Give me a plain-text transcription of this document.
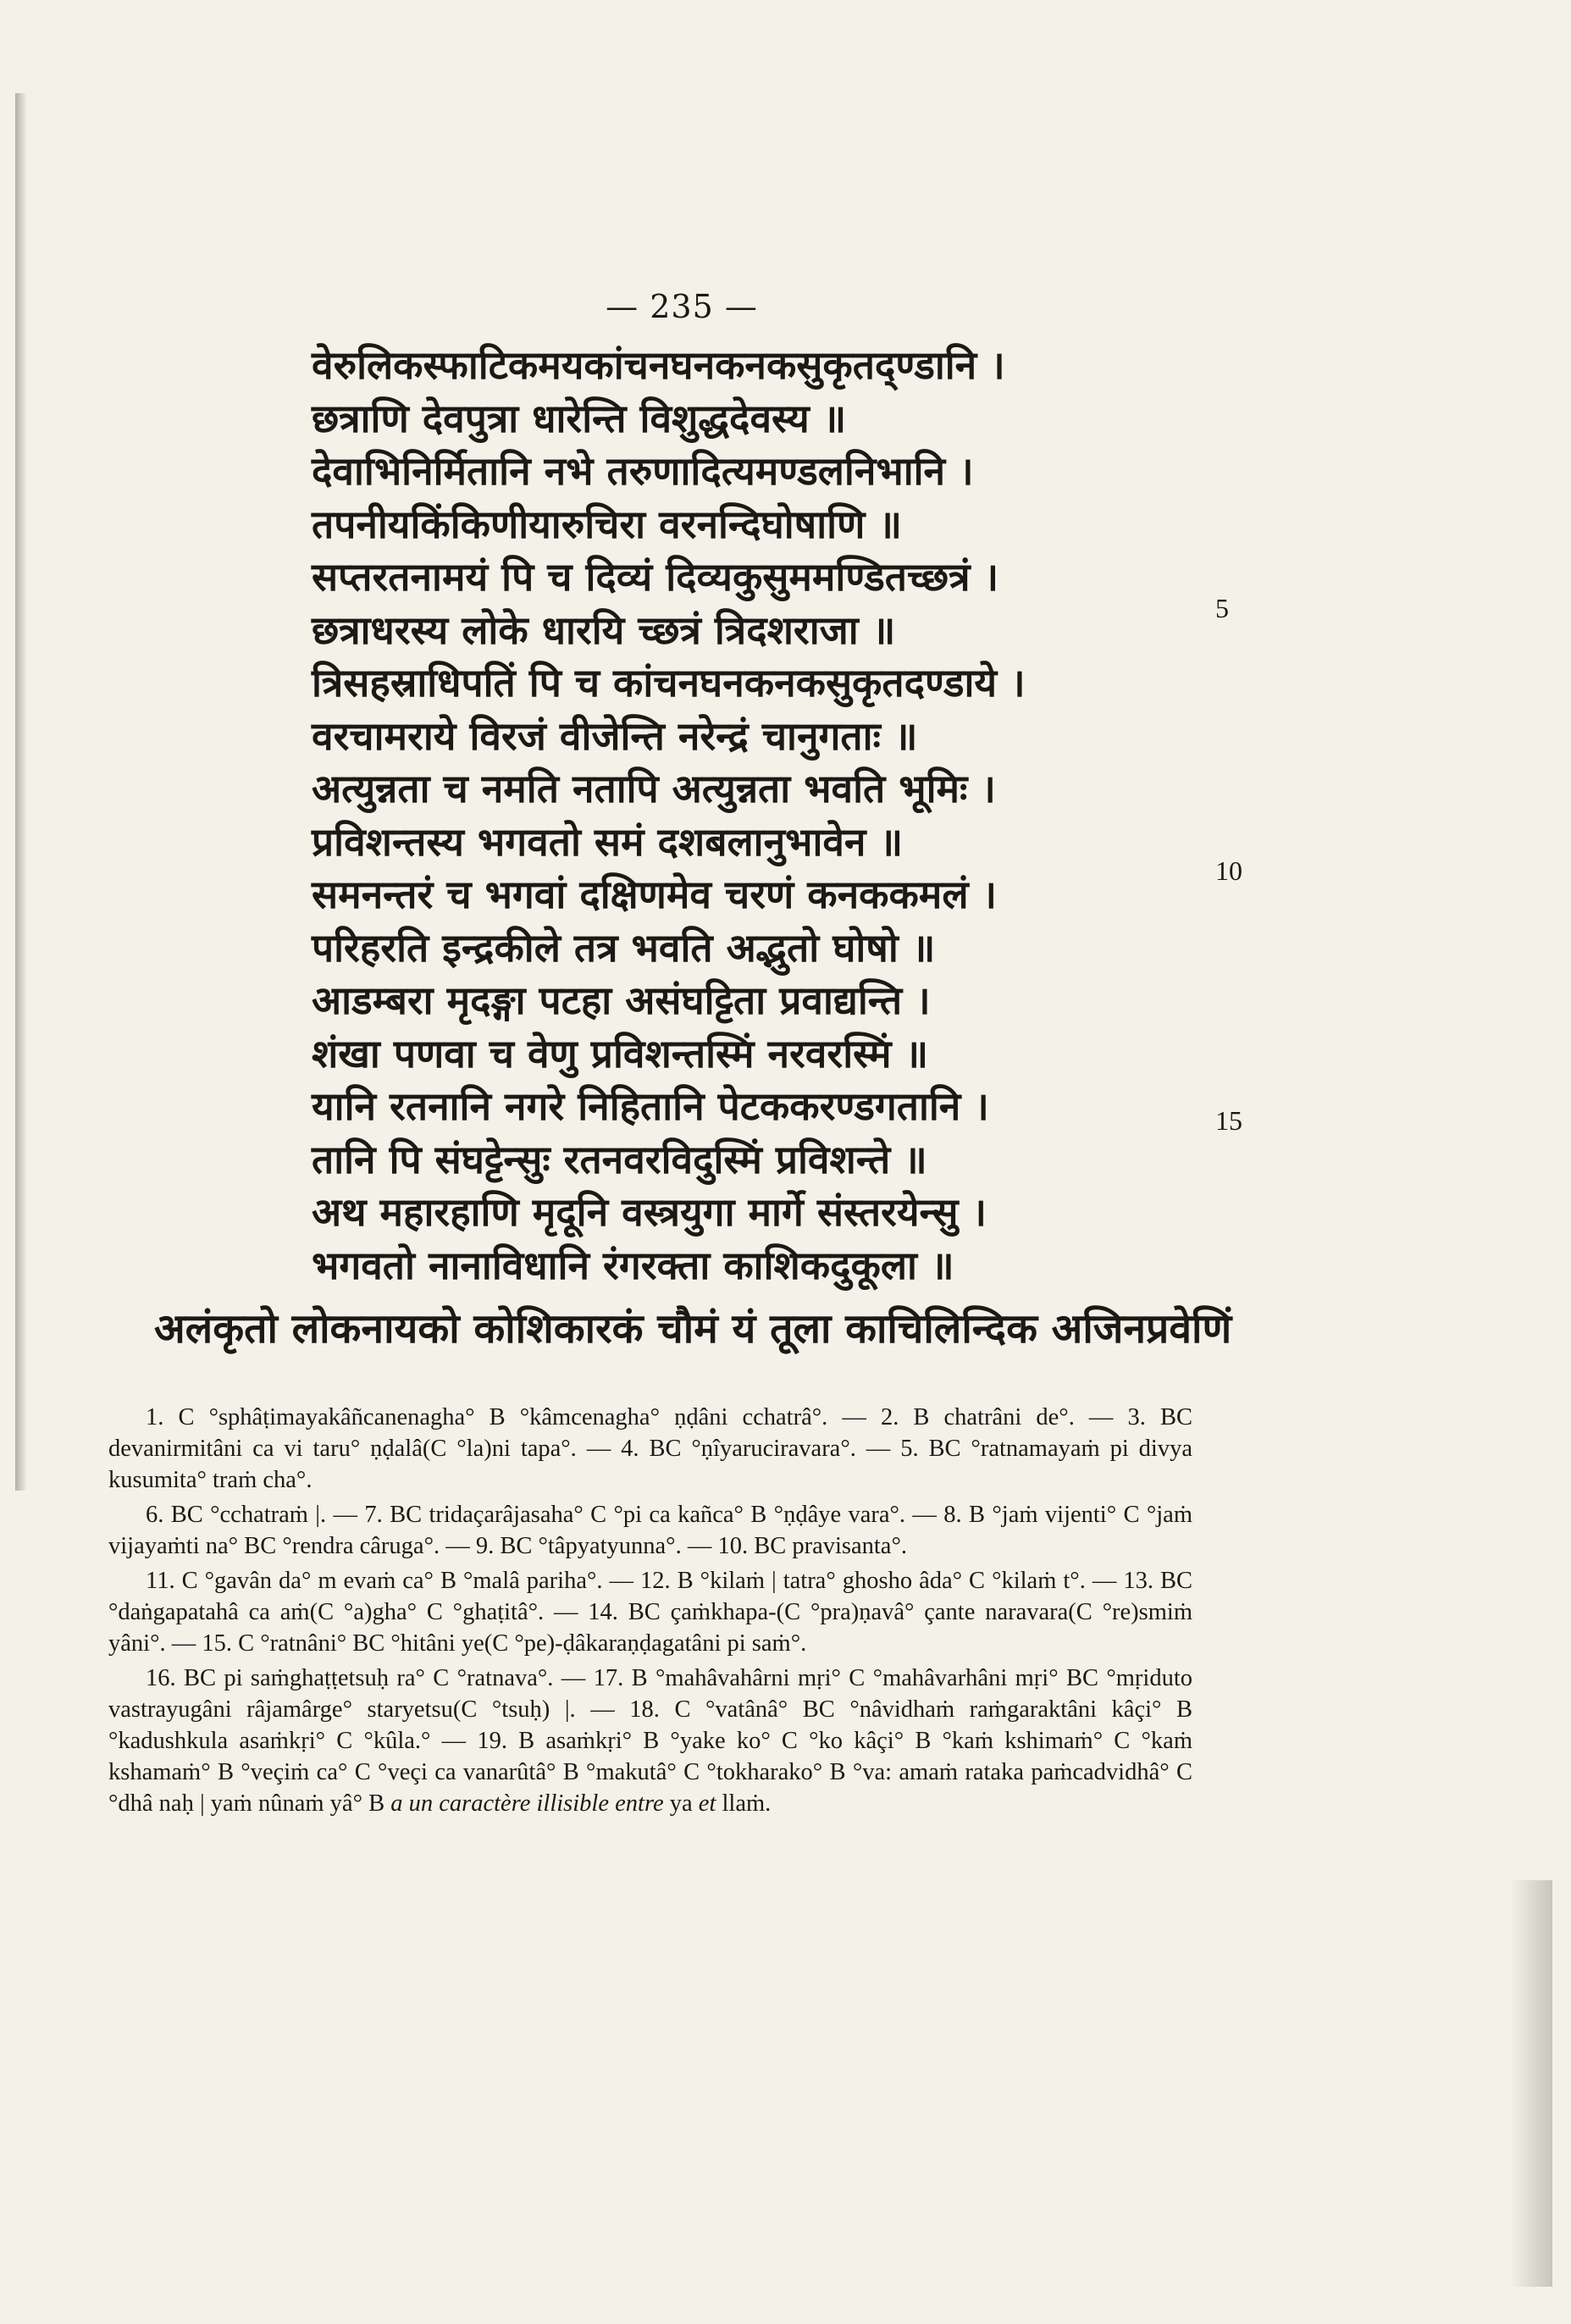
— 235 —
वेरुलिकस्फाटिकमयकांचनघनकनकसुकृतद्ण्डानि ।
छत्राणि देवपुत्रा धारेन्ति विशुद्धदेवस्य ॥
देवाभिनिर्मितानि नभे तरुणादित्यमण्डलनिभानि ।
तपनीयकिंकिणीयारुचिरा वरनन्दिघोषाणि ॥
सप्तरतनामयं पि च दिव्यं दिव्यकुसुममण्डितच्छत्रं ।
छत्राधरस्य लोके धारयि च्छत्रं त्रिदशराजा ॥
त्रिसहस्राधिपतिं पि च कांचनघनकनकसुकृतदण्डाये ।
वरचामराये विरजं वीजेन्ति नरेन्द्रं चानुगताः ॥
अत्युन्नता च नमति नतापि अत्युन्नता भवति भूमिः ।
प्रविशन्तस्य भगवतो समं दशबलानुभावेन ॥
समनन्तरं च भगवां दक्षिणमेव चरणं कनककमलं ।
परिहरति इन्द्रकीले तत्र भवति अद्भुतो घोषो ॥
आडम्बरा मृदङ्गा पटहा असंघट्टिता प्रवाद्यन्ति ।
शंखा पणवा च वेणु प्रविशन्तस्मिं नरवरस्मिं ॥
यानि रतनानि नगरे निहितानि पेटककरण्डगतानि ।
तानि पि संघट्टेन्सुः रतनवरविदुस्मिं प्रविशन्ते ॥
अथ महारहाणि मृदूनि वस्त्रयुगा मार्गे संस्तरयेन्सु ।
भगवतो नानाविधानि रंगरक्ता काशिकदुकूला ॥
5
10
15
अलंकृतो लोकनायको कोशिकारकं चौमं यं तूला काचिलिन्दिक अजिनप्रवेणिं

1. C °sphâṭimayakâñcanenagha° B °kâmcenagha° ṇḍâni cchatrâ°. — 2. B chatrâni de°. — 3. BC devanirmitâni ca vi taru° ṇḍalâ(C °la)ni tapa°. — 4. BC °ṇîyaruciravara°. — 5. BC °ratnamayaṁ pi divya kusumita° traṁ cha°.

6. BC °cchatraṁ |. — 7. BC tridaçarâjasaha° C °pi ca kañca° B °ṇḍâye vara°. — 8. B °jaṁ vijenti° C °jaṁ vijayaṁti na° BC °rendra câruga°. — 9. BC °tâpyatyunna°. — 10. BC pravisanta°.

11. C °gavân da° m evaṁ ca° B °malâ pariha°. — 12. B °kilaṁ | tatra° ghosho âda° C °kilaṁ t°. — 13. BC °daṅgapatahâ ca aṁ(C °a)gha° C °ghaṭitâ°. — 14. BC çaṁkhapa-(C °pra)ṇavâ° çante naravara(C °re)smiṁ yâni°. — 15. C °ratnâni° BC °hitâni ye(C °pe)-ḍâkaraṇḍagatâni pi saṁ°.

16. BC pi saṁghaṭṭetsuḥ ra° C °ratnava°. — 17. B °mahâvahârni mṛi° C °mahâvarhâni mṛi° BC °mṛiduto vastrayugâni râjamârge° staryetsu(C °tsuḥ) |. — 18. C °vatânâ° BC °nâvidhaṁ raṁgaraktâni kâçi° B °kadushkula asaṁkṛi° C °kûla.° — 19. B asaṁkṛi° B °yake ko° C °ko kâçi° B °kaṁ kshimaṁ° C °kaṁ kshamaṁ° B °veçiṁ ca° C °veçi ca vanarûtâ° B °makutâ° C °tokharako° B °va: amaṁ rataka paṁcadvidhâ° C °dhâ naḥ | yaṁ nûnaṁ yâ° B a un caractère illisible entre ya et llaṁ.
